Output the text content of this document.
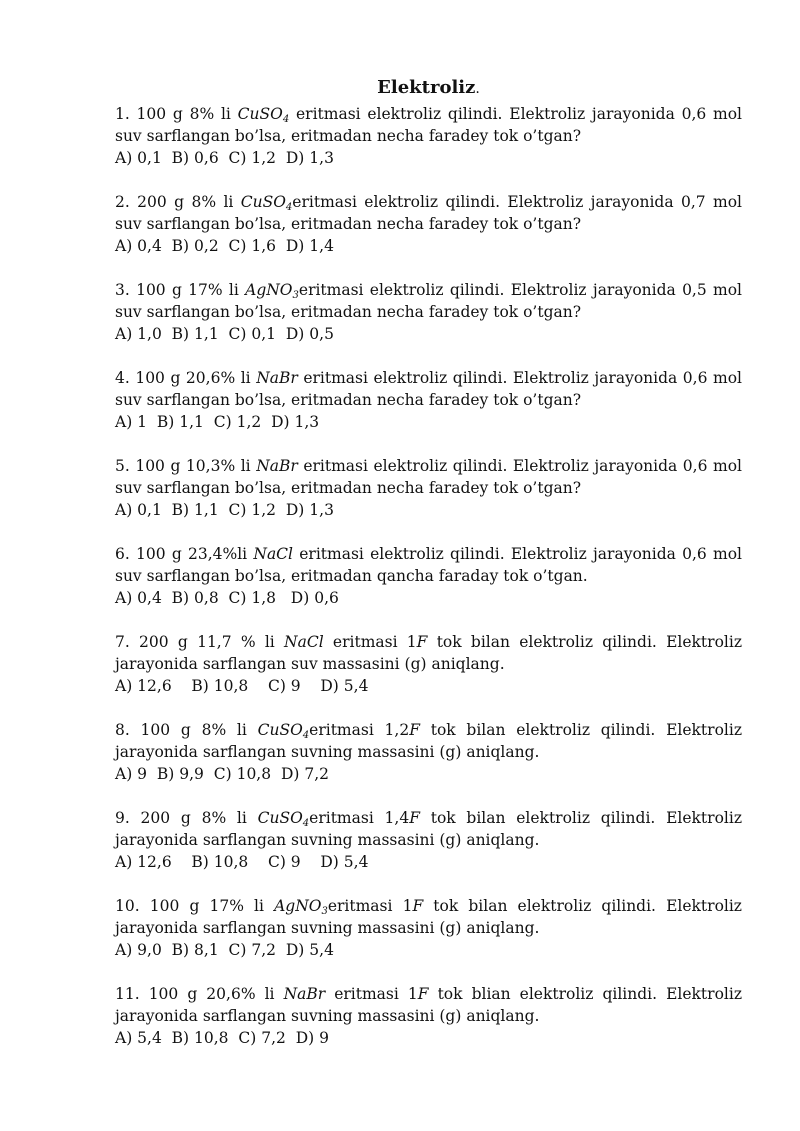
Elektroliz.
1. 100 g 8% li CuSO$_4$ eritmasi elektroliz qilindi. Elektroliz jarayonida 0,6 mol suv sarflangan bo’lsa, eritmadan necha faradey tok o’tgan?
A) 0,1  B) 0,6  C) 1,2  D) 1,3
2. 200 g 8% li CuSO$_4$eritmasi elektroliz qilindi. Elektroliz jarayonida 0,7 mol suv sarflangan bo’lsa, eritmadan necha faradey tok o’tgan?
A) 0,4  B) 0,2  C) 1,6  D) 1,4
3. 100 g 17% li AgNO$_3$eritmasi elektroliz qilindi. Elektroliz jarayonida 0,5 mol suv sarflangan bo’lsa, eritmadan necha faradey tok o’tgan?
A) 1,0  B) 1,1  C) 0,1  D) 0,5
4. 100 g 20,6% li NaBr eritmasi elektroliz qilindi. Elektroliz jarayonida 0,6 mol suv sarflangan bo’lsa, eritmadan necha faradey tok o’tgan?
A) 1  B) 1,1  C) 1,2  D) 1,3
5. 100 g 10,3% li NaBr eritmasi elektroliz qilindi. Elektroliz jarayonida 0,6 mol suv sarflangan bo’lsa, eritmadan necha faradey tok o’tgan?
A) 0,1  B) 1,1  C) 1,2  D) 1,3
6. 100 g 23,4%li NaCl eritmasi elektroliz qilindi. Elektroliz jarayonida 0,6 mol suv sarflangan bo’lsa, eritmadan qancha faraday tok o’tgan.
A) 0,4  B) 0,8  C) 1,8   D) 0,6
7. 200 g 11,7 % li NaCl eritmasi 1F tok bilan elektroliz qilindi. Elektroliz jarayonida sarflangan suv massasini (g) aniqlang.
A) 12,6    B) 10,8    C) 9    D) 5,4
8. 100 g 8% li CuSO$_4$eritmasi 1,2F tok bilan elektroliz qilindi. Elektroliz jarayonida sarflangan suvning massasini (g) aniqlang.
A) 9  B) 9,9  C) 10,8  D) 7,2
9. 200 g 8% li CuSO$_4$eritmasi 1,4F tok bilan elektroliz qilindi. Elektroliz jarayonida sarflangan suvning massasini (g) aniqlang.
A) 12,6    B) 10,8    C) 9    D) 5,4
10. 100 g 17% li AgNO$_3$eritmasi 1F tok bilan elektroliz qilindi. Elektroliz jarayonida sarflangan suvning massasini (g) aniqlang.
A) 9,0  B) 8,1  C) 7,2  D) 5,4
11. 100 g 20,6% li NaBr eritmasi 1F tok blian elektroliz qilindi. Elektroliz jarayonida sarflangan suvning massasini (g) aniqlang.
A) 5,4  B) 10,8  C) 7,2  D) 9
